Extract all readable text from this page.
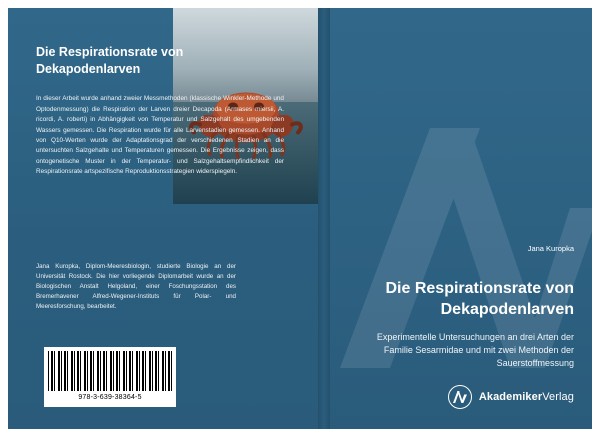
Die Respirationsrate von Dekapodenlarven

In dieser Arbeit wurde anhand zweier Messmethoden (klassische Winkler-Methode und Optodenmessung) die Respiration der Larven dreier Decapoda (Armases miersii, A. ricordi, A. roberti) in Abhängigkeit von Temperatur und Salzgehalt des umgebenden Wassers gemessen. Die Respiration wurde für alle Larvenstadien gemessen. Anhand von Q10-Werten wurde der Adaptationsgrad der verschiedenen Stadien an die untersuchten Salzgehalte und Temperaturen gemessen. Die Ergebnisse zeigen, dass ontogenetische Muster in der Temperatur- und Salzgehaltsempfindlichkeit der Respirationsrate artspezifische Reproduktionsstrategien widerspiegeln.

Jana Kuropka, Diplom-Meeresbiologin, studierte Biologie an der Universität Rostock. Die hier vorliegende Diplomarbeit wurde an der Biologischen Anstalt Helgoland, einer Foschungsstation des Bremerhavener Alfred-Wegener-Instituts für Polar- und Meeresforschung, bearbeitet.

978-3-639-38364-5
Jana Kuropka
Die Respirationsrate von Dekapodenlarven

Experimentelle Untersuchungen an drei Arten der Familie Sesarmidae und mit zwei Methoden der Sauerstoffmessung

AkademikerVerlag
